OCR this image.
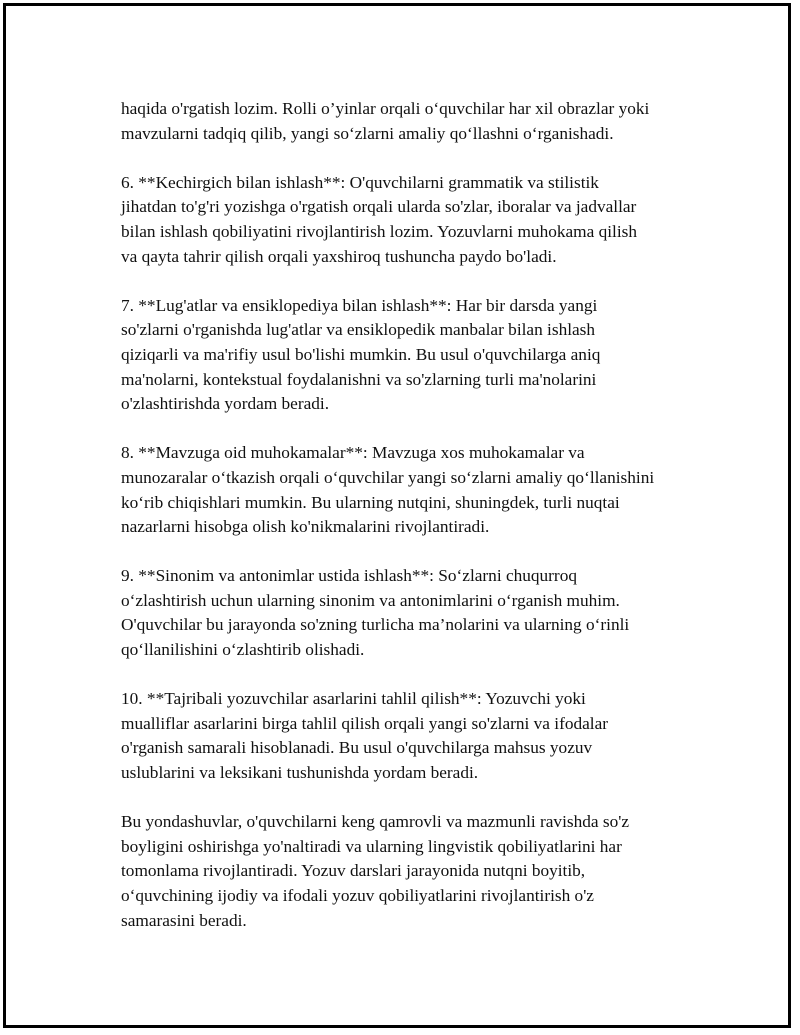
haqida o'rgatish lozim. Rolli o’yinlar orqali o‘quvchilar har xil obrazlar yoki
mavzularni tadqiq qilib, yangi so‘zlarni amaliy qo‘llashni o‘rganishadi.

6. **Kechirgich bilan ishlash**: O'quvchilarni grammatik va stilistik
jihatdan to'g'ri yozishga o'rgatish orqali ularda so'zlar, iboralar va jadvallar
bilan ishlash qobiliyatini rivojlantirish lozim. Yozuvlarni muhokama qilish
va qayta tahrir qilish orqali yaxshiroq tushuncha paydo bo'ladi.

7. **Lug'atlar va ensiklopediya bilan ishlash**: Har bir darsda yangi
so'zlarni o'rganishda lug'atlar va ensiklopedik manbalar bilan ishlash
qiziqarli va ma'rifiy usul bo'lishi mumkin. Bu usul o'quvchilarga aniq
ma'nolarni, kontekstual foydalanishni va so'zlarning turli ma'nolarini
o'zlashtirishda yordam beradi.

8. **Mavzuga oid muhokamalar**: Mavzuga xos muhokamalar va
munozaralar o‘tkazish orqali o‘quvchilar yangi so‘zlarni amaliy qo‘llanishini
ko‘rib chiqishlari mumkin. Bu ularning nutqini, shuningdek, turli nuqtai
nazarlarni hisobga olish ko'nikmalarini rivojlantiradi.

9. **Sinonim va antonimlar ustida ishlash**: So‘zlarni chuqurroq
o‘zlashtirish uchun ularning sinonim va antonimlarini o‘rganish muhim.
O'quvchilar bu jarayonda so'zning turlicha ma’nolarini va ularning o‘rinli
qo‘llanilishini o‘zlashtirib olishadi.

10. **Tajribali yozuvchilar asarlarini tahlil qilish**: Yozuvchi yoki
mualliflar asarlarini birga tahlil qilish orqali yangi so'zlarni va ifodalar
o'rganish samarali hisoblanadi. Bu usul o'quvchilarga mahsus yozuv
uslublarini va leksikani tushunishda yordam beradi.

Bu yondashuvlar, o'quvchilarni keng qamrovli va mazmunli ravishda so'z
boyligini oshirishga yo'naltiradi va ularning lingvistik qobiliyatlarini har
tomonlama rivojlantiradi. Yozuv darslari jarayonida nutqni boyitib,
o‘quvchining ijodiy va ifodali yozuv qobiliyatlarini rivojlantirish o'z
samarasini beradi.
